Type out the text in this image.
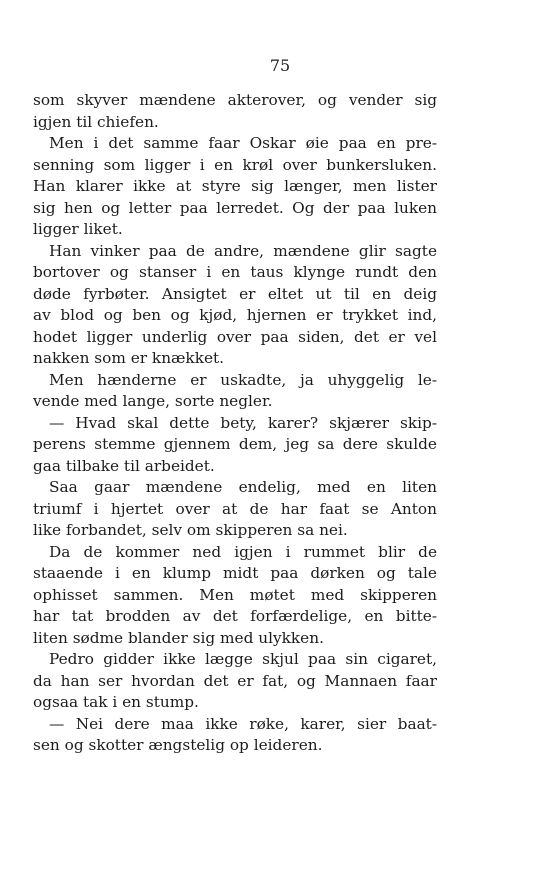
75
som skyver mændene akterover, og vender sig
igjen til chiefen.
Men i det samme faar Oskar øie paa en pre-
senning som ligger i en krøl over bunkersluken.
Han klarer ikke at styre sig længer, men lister
sig hen og letter paa lerredet. Og der paa luken
ligger liket.
Han vinker paa de andre, mændene glir sagte
bortover og stanser i en taus klynge rundt den
døde fyrbøter. Ansigtet er eltet ut til en deig
av blod og ben og kjød, hjernen er trykket ind,
hodet ligger underlig over paa siden, det er vel
nakken som er knækket.
Men hænderne er uskadte, ja uhyggelig le-
vende med lange, sorte negler.
— Hvad skal dette bety, karer? skjærer skip-
perens stemme gjennem dem, jeg sa dere skulde
gaa tilbake til arbeidet.
Saa gaar mændene endelig, med en liten
triumf i hjertet over at de har faat se Anton
like forbandet, selv om skipperen sa nei.
Da de kommer ned igjen i rummet blir de
staaende i en klump midt paa dørken og tale
ophisset sammen. Men møtet med skipperen
har tat brodden av det forfærdelige, en bitte-
liten sødme blander sig med ulykken.
Pedro gidder ikke lægge skjul paa sin cigaret,
da han ser hvordan det er fat, og Mannaen faar
ogsaa tak i en stump.
— Nei dere maa ikke røke, karer, sier baat-
sen og skotter ængstelig op leideren.
